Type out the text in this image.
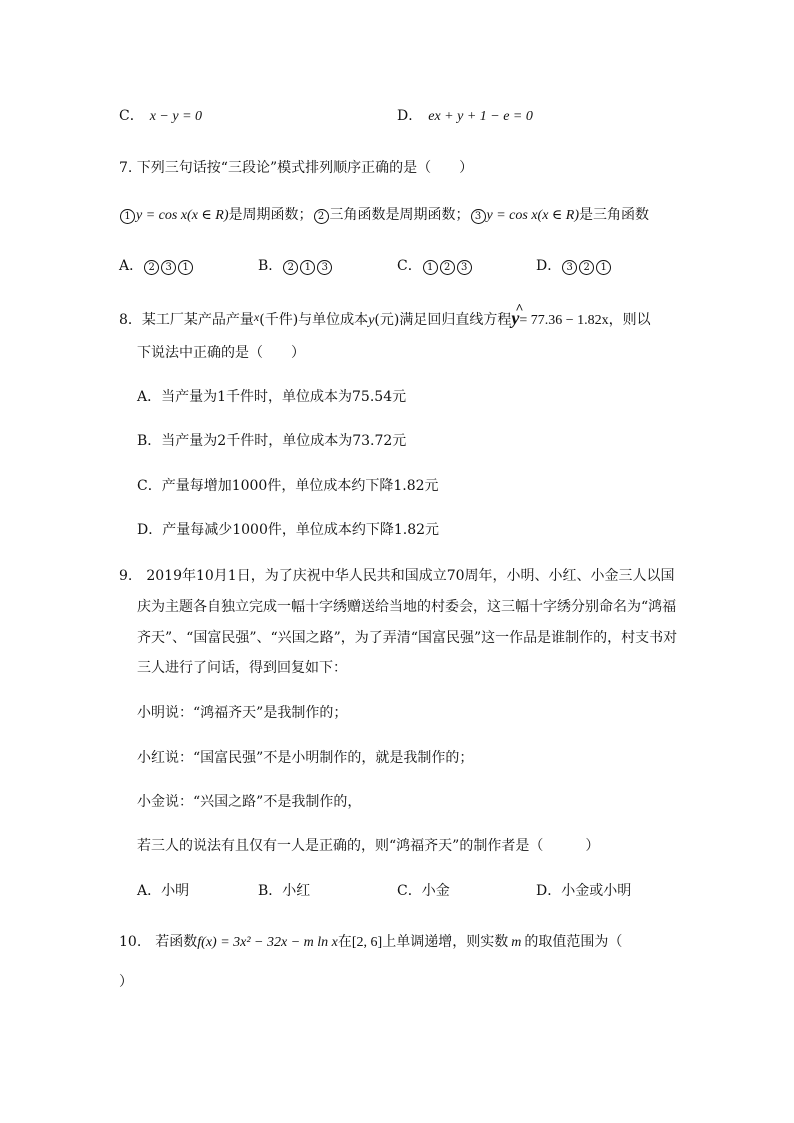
C． x − y = 0	D． ex + y + 1 − e = 0
7. 下列三句话按“三段论”模式排列顺序正确的是（　　）
1 y = cos x(x ∈ R)是周期函数； 2 三角函数是周期函数； 3 y = cos x(x ∈ R)是三角函数
A． 2 3 1	B． 2 1 3	C． 1 2 3	D． 3 2 1
8．某工厂某产品产量x(千件)与单位成本y(元)满足回归直线方程y
^
= 77.36 − 1.82x，则以
下说法中正确的是（　　）
A．当产量为1千件时，单位成本为75.54元
B．当产量为2千件时，单位成本为73.72元
C．产量每增加1000件，单位成本约下降1.82元
D．产量每减少1000件，单位成本约下降1.82元
9.　2019年10月1日，为了庆祝中华人民共和国成立70周年，小明、小红、小金三人以国
庆为主题各自独立完成一幅十字绣赠送给当地的村委会，这三幅十字绣分别命名为“鸿福
齐天”、“国富民强”、“兴国之路”，为了弄清“国富民强”这一作品是谁制作的，村支书对
三人进行了问话，得到回复如下：
小明说：“鸿福齐天”是我制作的；
小红说：“国富民强”不是小明制作的，就是我制作的；
小金说：“兴国之路”不是我制作的，
若三人的说法有且仅有一人是正确的，则“鸿福齐天”的制作者是（　　　）
A．小明	B．小红	C．小金	D．小金或小明
10.　若函数f(x) = 3x² − 32x − m ln x在[2, 6]上单调递增，则实数 m 的取值范围为（
）
